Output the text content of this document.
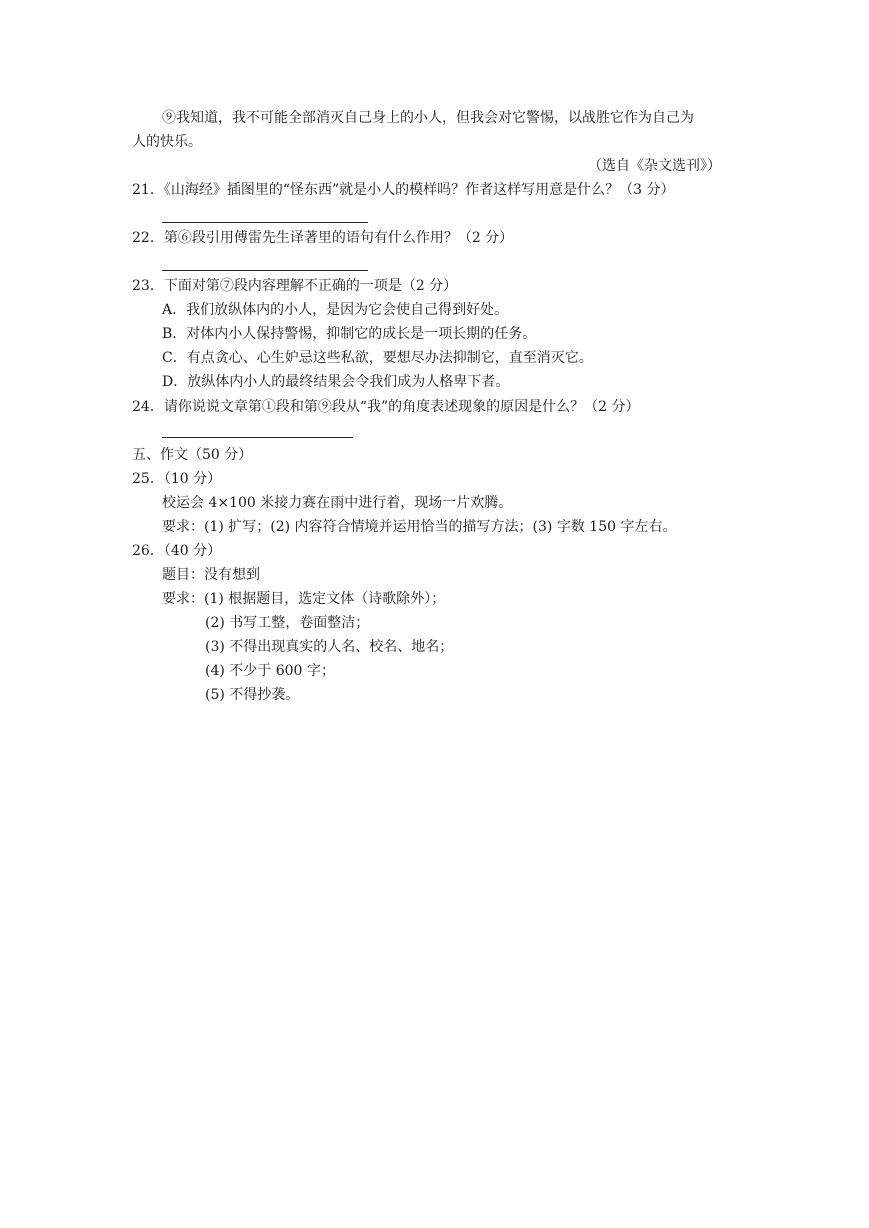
⑨我知道，我不可能全部消灭自己身上的小人，但我会对它警惕，以战胜它作为自己为
人的快乐。
（选自《杂文选刊》）
21．《山海经》插图里的“怪东西”就是小人的模样吗？作者这样写用意是什么？（3 分）
22．第⑥段引用傅雷先生译著里的语句有什么作用？（2 分）
23．下面对第⑦段内容理解不正确的一项是（2 分）
A．我们放纵体内的小人，是因为它会使自己得到好处。
B．对体内小人保持警惕，抑制它的成长是一项长期的任务。
C．有点贪心、心生妒忌这些私欲，要想尽办法抑制它，直至消灭它。
D．放纵体内小人的最终结果会令我们成为人格卑下者。
24．请你说说文章第①段和第⑨段从“我”的角度表述现象的原因是什么？（2 分）
五、作文（50 分）
25．（10 分）
校运会 4×100 米接力赛在雨中进行着，现场一片欢腾。
要求：(1) 扩写；(2) 内容符合情境并运用恰当的描写方法；(3) 字数 150 字左右。
26．（40 分）
题目：没有想到
要求：(1) 根据题目，选定文体（诗歌除外）；
(2) 书写工整，卷面整洁；
(3) 不得出现真实的人名、校名、地名；
(4) 不少于 600 字；
(5) 不得抄袭。
